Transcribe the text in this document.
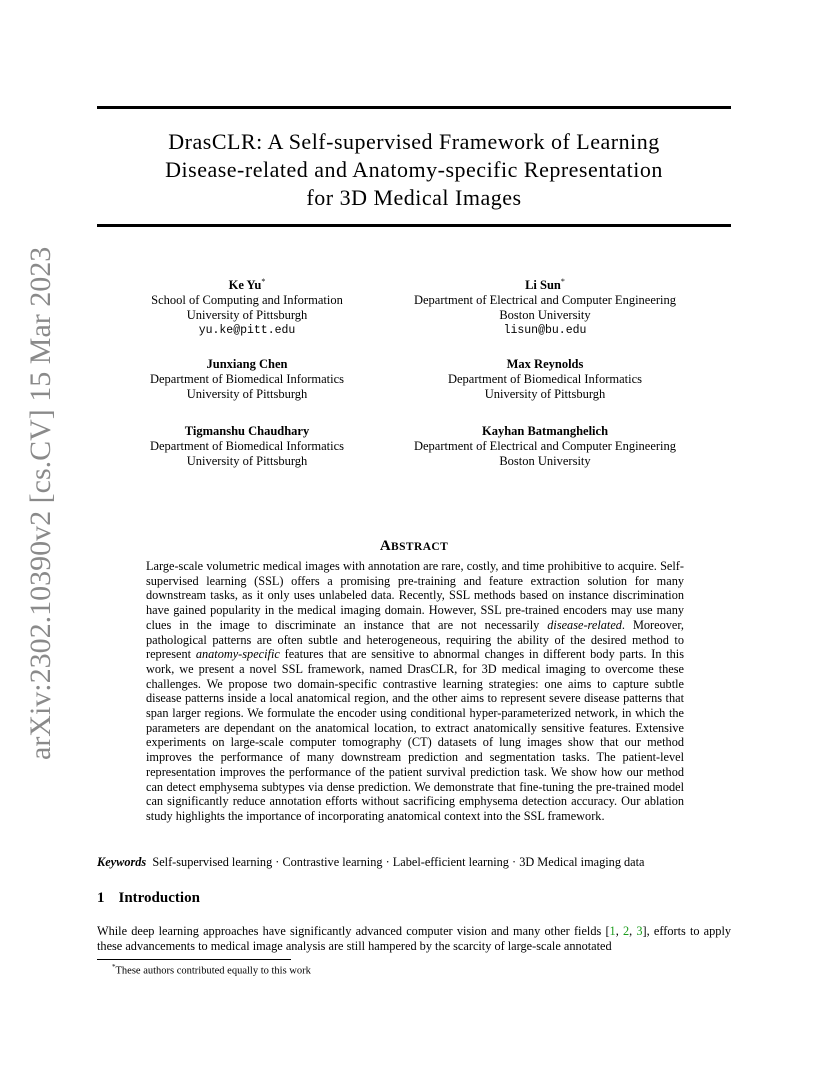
DrasCLR: A Self-supervised Framework of Learning
Disease-related and Anatomy-specific Representation
for 3D Medical Images
arXiv:2302.10390v2 [cs.CV] 15 Mar 2023	Ke Yu*
School of Computing and Information
University of Pittsburgh
yu.ke@pitt.edu
Li Sun*
Department of Electrical and Computer Engineering
Boston University
lisun@bu.edu
Junxiang Chen
Department of Biomedical Informatics
University of Pittsburgh
Max Reynolds
Department of Biomedical Informatics
University of Pittsburgh
Tigmanshu Chaudhary
Department of Biomedical Informatics
University of Pittsburgh
Kayhan Batmanghelich
Department of Electrical and Computer Engineering
Boston University
ABSTRACT
Large-scale volumetric medical images with annotation are rare, costly, and time prohibitive to acquire. Self-supervised learning (SSL) offers a promising pre-training and feature extraction solution for many downstream tasks, as it only uses unlabeled data. Recently, SSL methods based on instance discrimination have gained popularity in the medical imaging domain. However, SSL pre-trained encoders may use many clues in the image to discriminate an instance that are not necessarily disease-related. Moreover, pathological patterns are often subtle and heterogeneous, requiring the ability of the desired method to represent anatomy-specific features that are sensitive to abnormal changes in different body parts. In this work, we present a novel SSL framework, named DrasCLR, for 3D medical imaging to overcome these challenges. We propose two domain-specific contrastive learning strategies: one aims to capture subtle disease patterns inside a local anatomical region, and the other aims to represent severe disease patterns that span larger regions. We formulate the encoder using conditional hyper-parameterized network, in which the parameters are dependant on the anatomical location, to extract anatomically sensitive features. Extensive experiments on large-scale computer tomography (CT) datasets of lung images show that our method improves the performance of many downstream prediction and segmentation tasks. The patient-level representation improves the performance of the patient survival prediction task. We show how our method can detect emphysema subtypes via dense prediction. We demonstrate that fine-tuning the pre-trained model can significantly reduce annotation efforts without sacrificing emphysema detection accuracy. Our ablation study highlights the importance of incorporating anatomical context into the SSL framework.
Keywords Self-supervised learning · Contrastive learning · Label-efficient learning · 3D Medical imaging data
1 Introduction
While deep learning approaches have significantly advanced computer vision and many other fields [1, 2, 3], efforts to apply these advancements to medical image analysis are still hampered by the scarcity of large-scale annotated
*These authors contributed equally to this work
